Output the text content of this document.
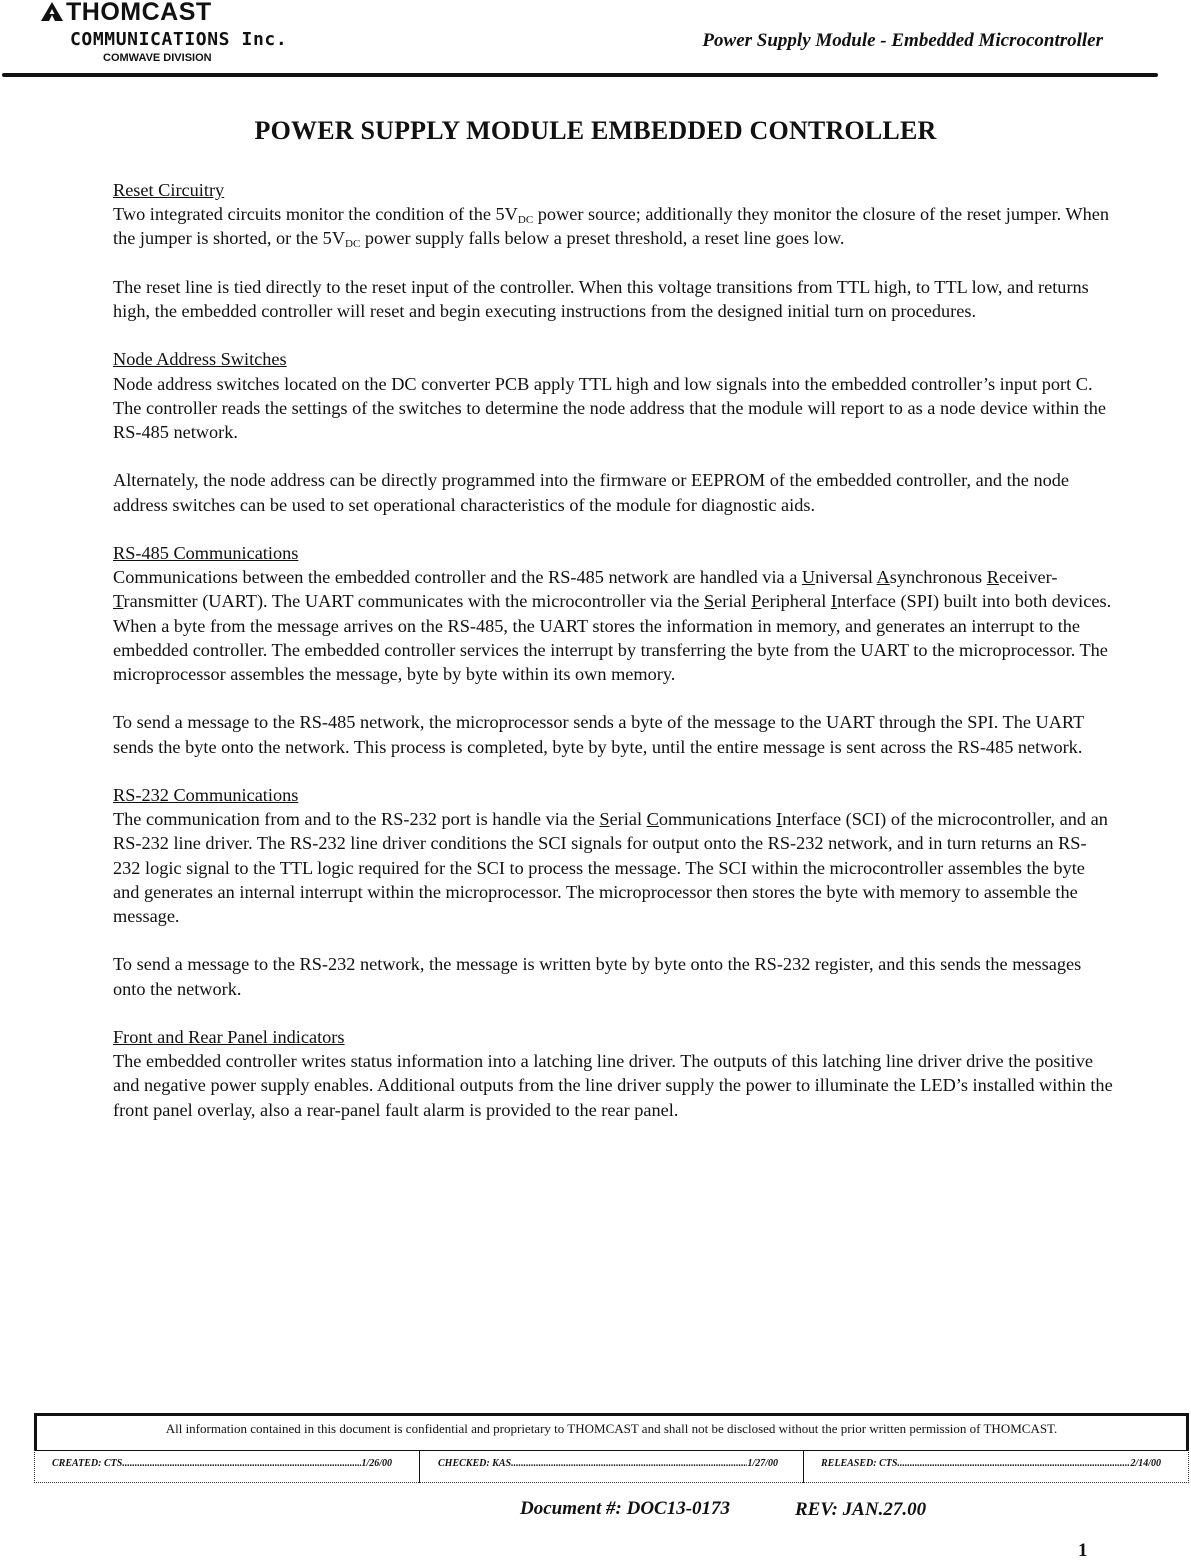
THOMCAST
COMMUNICATIONS Inc.
COMWAVE DIVISION
Power Supply Module - Embedded Microcontroller
POWER SUPPLY MODULE EMBEDDED CONTROLLER

Reset Circuitry

Two integrated circuits monitor the condition of the $5V_{DC}$ power source; additionally they monitor the closure of the reset jumper. When the jumper is shorted, or the $5V_{DC}$ power supply falls below a preset threshold, a reset line goes low.

The reset line is tied directly to the reset input of the controller. When this voltage transitions from TTL high, to TTL low, and returns high, the embedded controller will reset and begin executing instructions from the designed initial turn on procedures.

Node Address Switches

Node address switches located on the DC converter PCB apply TTL high and low signals into the embedded controller’s input port C. The controller reads the settings of the switches to determine the node address that the module will report to as a node device within the RS-485 network.

Alternately, the node address can be directly programmed into the firmware or EEPROM of the embedded controller, and the node address switches can be used to set operational characteristics of the module for diagnostic aids.

RS-485 Communications

Communications between the embedded controller and the RS-485 network are handled via a Universal Asynchronous Receiver-Transmitter (UART). The UART communicates with the microcontroller via the Serial Peripheral Interface (SPI) built into both devices. When a byte from the message arrives on the RS-485, the UART stores the information in memory, and generates an interrupt to the embedded controller. The embedded controller services the interrupt by transferring the byte from the UART to the microprocessor. The microprocessor assembles the message, byte by byte within its own memory.

To send a message to the RS-485 network, the microprocessor sends a byte of the message to the UART through the SPI. The UART sends the byte onto the network. This process is completed, byte by byte, until the entire message is sent across the RS-485 network.

RS-232 Communications

The communication from and to the RS-232 port is handle via the Serial Communications Interface (SCI) of the microcontroller, and an RS-232 line driver. The RS-232 line driver conditions the SCI signals for output onto the RS-232 network, and in turn returns an RS-232 logic signal to the TTL logic required for the SCI to process the message. The SCI within the microcontroller assembles the byte and generates an internal interrupt within the microprocessor. The microprocessor then stores the byte with memory to assemble the message.

To send a message to the RS-232 network, the message is written byte by byte onto the RS-232 register, and this sends the messages onto the network.

Front and Rear Panel indicators

The embedded controller writes status information into a latching line driver. The outputs of this latching line driver drive the positive and negative power supply enables. Additional outputs from the line driver supply the power to illuminate the LED’s installed within the front panel overlay, also a rear-panel fault alarm is provided to the rear panel.

All information contained in this document is confidential and proprietary to THOMCAST and shall not be disclosed without the prior written permission of THOMCAST.
CREATED: CTS .....	1/26/00	CHECKED: KAS .....	1/27/00	RELEASED: CTS .....	2/14/00
Document #: DOC13-0173	REV: JAN.27.00
1
